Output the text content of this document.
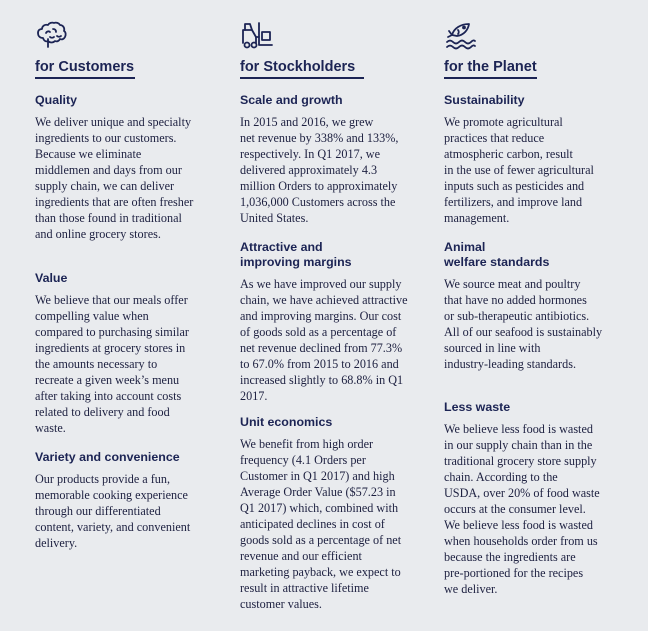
for Customers
Quality
We deliver unique and specialty
ingredients to our customers.
Because we eliminate
middlemen and days from our
supply chain, we can deliver
ingredients that are often fresher
than those found in traditional
and online grocery stores.
Value
We believe that our meals offer
compelling value when
compared to purchasing similar
ingredients at grocery stores in
the amounts necessary to
recreate a given week’s menu
after taking into account costs
related to delivery and food
waste.
Variety and convenience
Our products provide a fun,
memorable cooking experience
through our differentiated
content, variety, and convenient
delivery.
for Stockholders
Scale and growth
In 2015 and 2016, we grew
net revenue by 338% and 133%,
respectively. In Q1 2017, we
delivered approximately 4.3
million Orders to approximately
1,036,000 Customers across the
United States.
Attractive and
improving margins
As we have improved our supply
chain, we have achieved attractive
and improving margins. Our cost
of goods sold as a percentage of
net revenue declined from 77.3%
to 67.0% from 2015 to 2016 and
increased slightly to 68.8% in Q1
2017.
Unit economics
We benefit from high order
frequency (4.1 Orders per
Customer in Q1 2017) and high
Average Order Value ($57.23 in
Q1 2017) which, combined with
anticipated declines in cost of
goods sold as a percentage of net
revenue and our efficient
marketing payback, we expect to
result in attractive lifetime
customer values.
for the Planet
Sustainability
We promote agricultural
practices that reduce
atmospheric carbon, result
in the use of fewer agricultural
inputs such as pesticides and
fertilizers, and improve land
management.
Animal
welfare standards
We source meat and poultry
that have no added hormones
or sub-therapeutic antibiotics.
All of our seafood is sustainably
sourced in line with
industry-leading standards.
Less waste
We believe less food is wasted
in our supply chain than in the
traditional grocery store supply
chain. According to the
USDA, over 20% of food waste
occurs at the consumer level.
We believe less food is wasted
when households order from us
because the ingredients are
pre-portioned for the recipes
we deliver.
